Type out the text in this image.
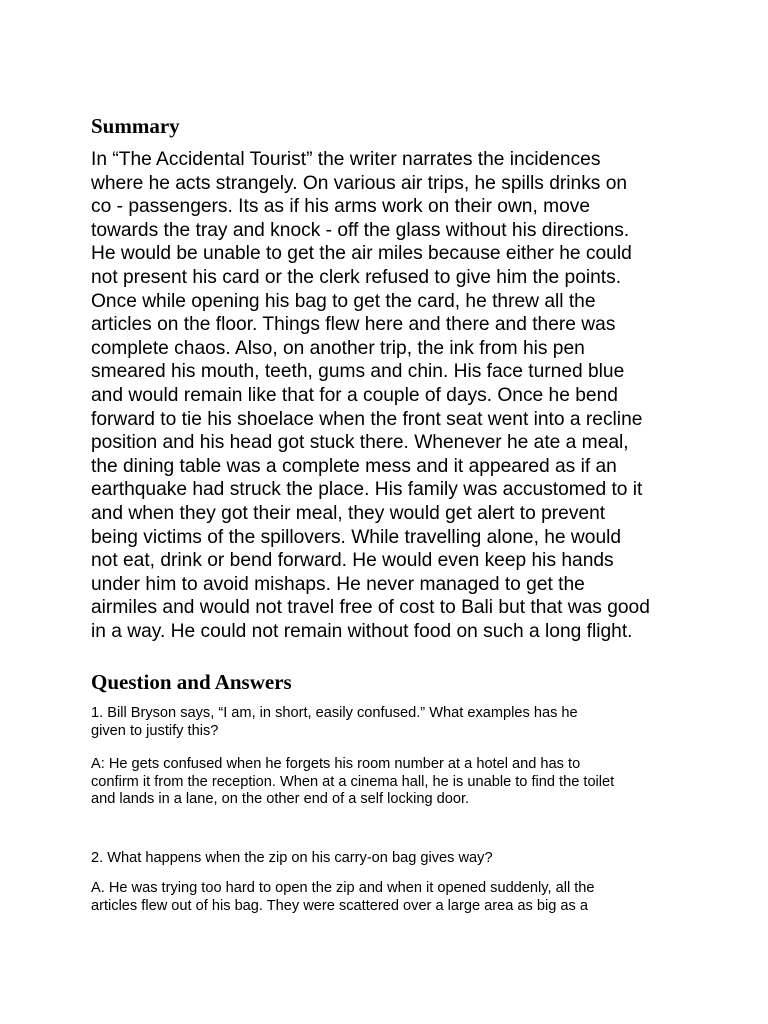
Summary

In “The Accidental Tourist” the writer narrates the incidences
where he acts strangely. On various air trips, he spills drinks on
co - passengers. Its as if his arms work on their own, move
towards the tray and knock - off the glass without his directions.
He would be unable to get the air miles because either he could
not present his card or the clerk refused to give him the points.
Once while opening his bag to get the card, he threw all the
articles on the floor. Things flew here and there and there was
complete chaos. Also, on another trip, the ink from his pen
smeared his mouth, teeth, gums and chin. His face turned blue
and would remain like that for a couple of days. Once he bend
forward to tie his shoelace when the front seat went into a recline
position and his head got stuck there. Whenever he ate a meal,
the dining table was a complete mess and it appeared as if an
earthquake had struck the place. His family was accustomed to it
and when they got their meal, they would get alert to prevent
being victims of the spillovers. While travelling alone, he would
not eat, drink or bend forward. He would even keep his hands
under him to avoid mishaps. He never managed to get the
airmiles and would not travel free of cost to Bali but that was good
in a way. He could not remain without food on such a long flight.

Question and Answers

1. Bill Bryson says, “I am, in short, easily confused.” What examples has he
given to justify this?

A: He gets confused when he forgets his room number at a hotel and has to
confirm it from the reception. When at a cinema hall, he is unable to find the toilet
and lands in a lane, on the other end of a self locking door.

2. What happens when the zip on his carry-on bag gives way?

A. He was trying too hard to open the zip and when it opened suddenly, all the
articles flew out of his bag. They were scattered over a large area as big as a
